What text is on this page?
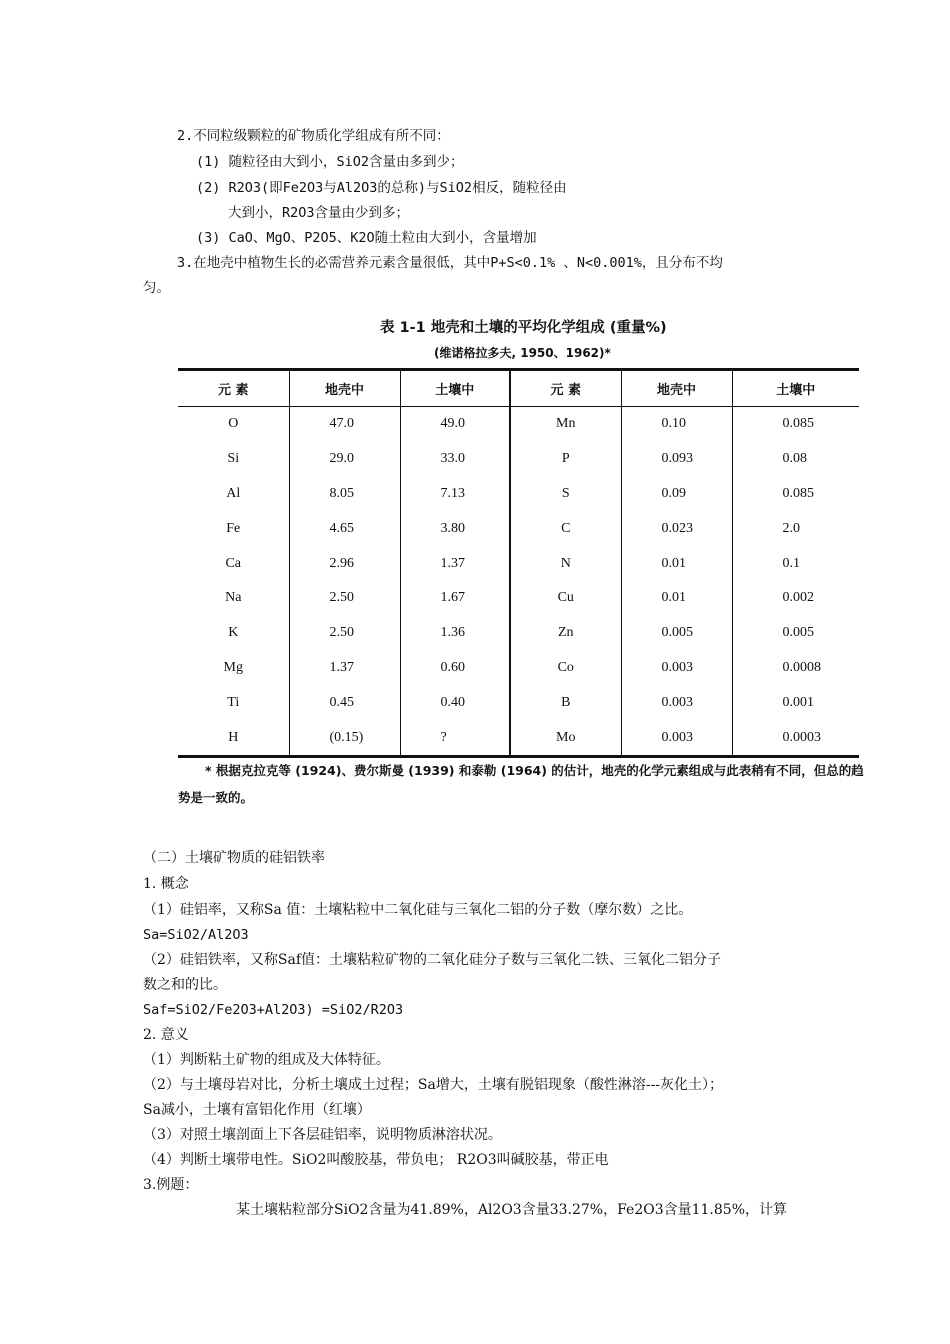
2.不同粒级颗粒的矿物质化学组成有所不同：
(1) 随粒径由大到小，SiO2含量由多到少；
(2) R2O3(即Fe2O3与Al2O3的总称)与SiO2相反，随粒径由
大到小，R2O3含量由少到多；
(3) CaO、MgO、P2O5、K2O随土粒由大到小，含量增加
3.在地壳中植物生长的必需营养元素含量很低，其中P+S<0.1% 、N<0.001%，且分布不均
匀。
表 1-1 地壳和土壤的平均化学组成 (重量%)
(维诺格拉多夫, 1950、1962)*
元 素	地壳中	土壤中	元 素	地壳中	土壤中
O	47.0	49.0	Mn	0.10	0.085
Si	29.0	33.0	P	0.093	0.08
Al	8.05	7.13	S	0.09	0.085
Fe	4.65	3.80	C	0.023	2.0
Ca	2.96	1.37	N	0.01	0.1
Na	2.50	1.67	Cu	0.01	0.002
K	2.50	1.36	Zn	0.005	0.005
Mg	1.37	0.60	Co	0.003	0.0008
Ti	0.45	0.40	B	0.003	0.001
H	(0.15)	?	Mo	0.003	0.0003
* 根据克拉克等 (1924)、费尔斯曼 (1939) 和泰勒 (1964) 的估计，地壳的化学元素组成与此表稍有不同，但总的趋
势是一致的。
（二）土壤矿物质的硅铝铁率
1. 概念
（1）硅铝率，又称Sa 值：土壤粘粒中二氧化硅与三氧化二铝的分子数（摩尔数）之比。
Sa=SiO2/Al2O3
（2）硅铝铁率，又称Saf值：土壤粘粒矿物的二氧化硅分子数与三氧化二铁、三氧化二铝分子
数之和的比。
Saf=SiO2/Fe2O3+Al2O3) =SiO2/R2O3
2. 意义
（1）判断粘土矿物的组成及大体特征。
（2）与土壤母岩对比，分析土壤成土过程；Sa增大，土壤有脱铝现象（酸性淋溶---灰化土）；
Sa减小，土壤有富铝化作用（红壤）
（3）对照土壤剖面上下各层硅铝率，说明物质淋溶状况。
（4）判断土壤带电性。SiO2叫酸胶基，带负电； R2O3叫碱胶基，带正电
3.例题：
某土壤粘粒部分SiO2含量为41.89%，Al2O3含量33.27%，Fe2O3含量11.85%，计算
